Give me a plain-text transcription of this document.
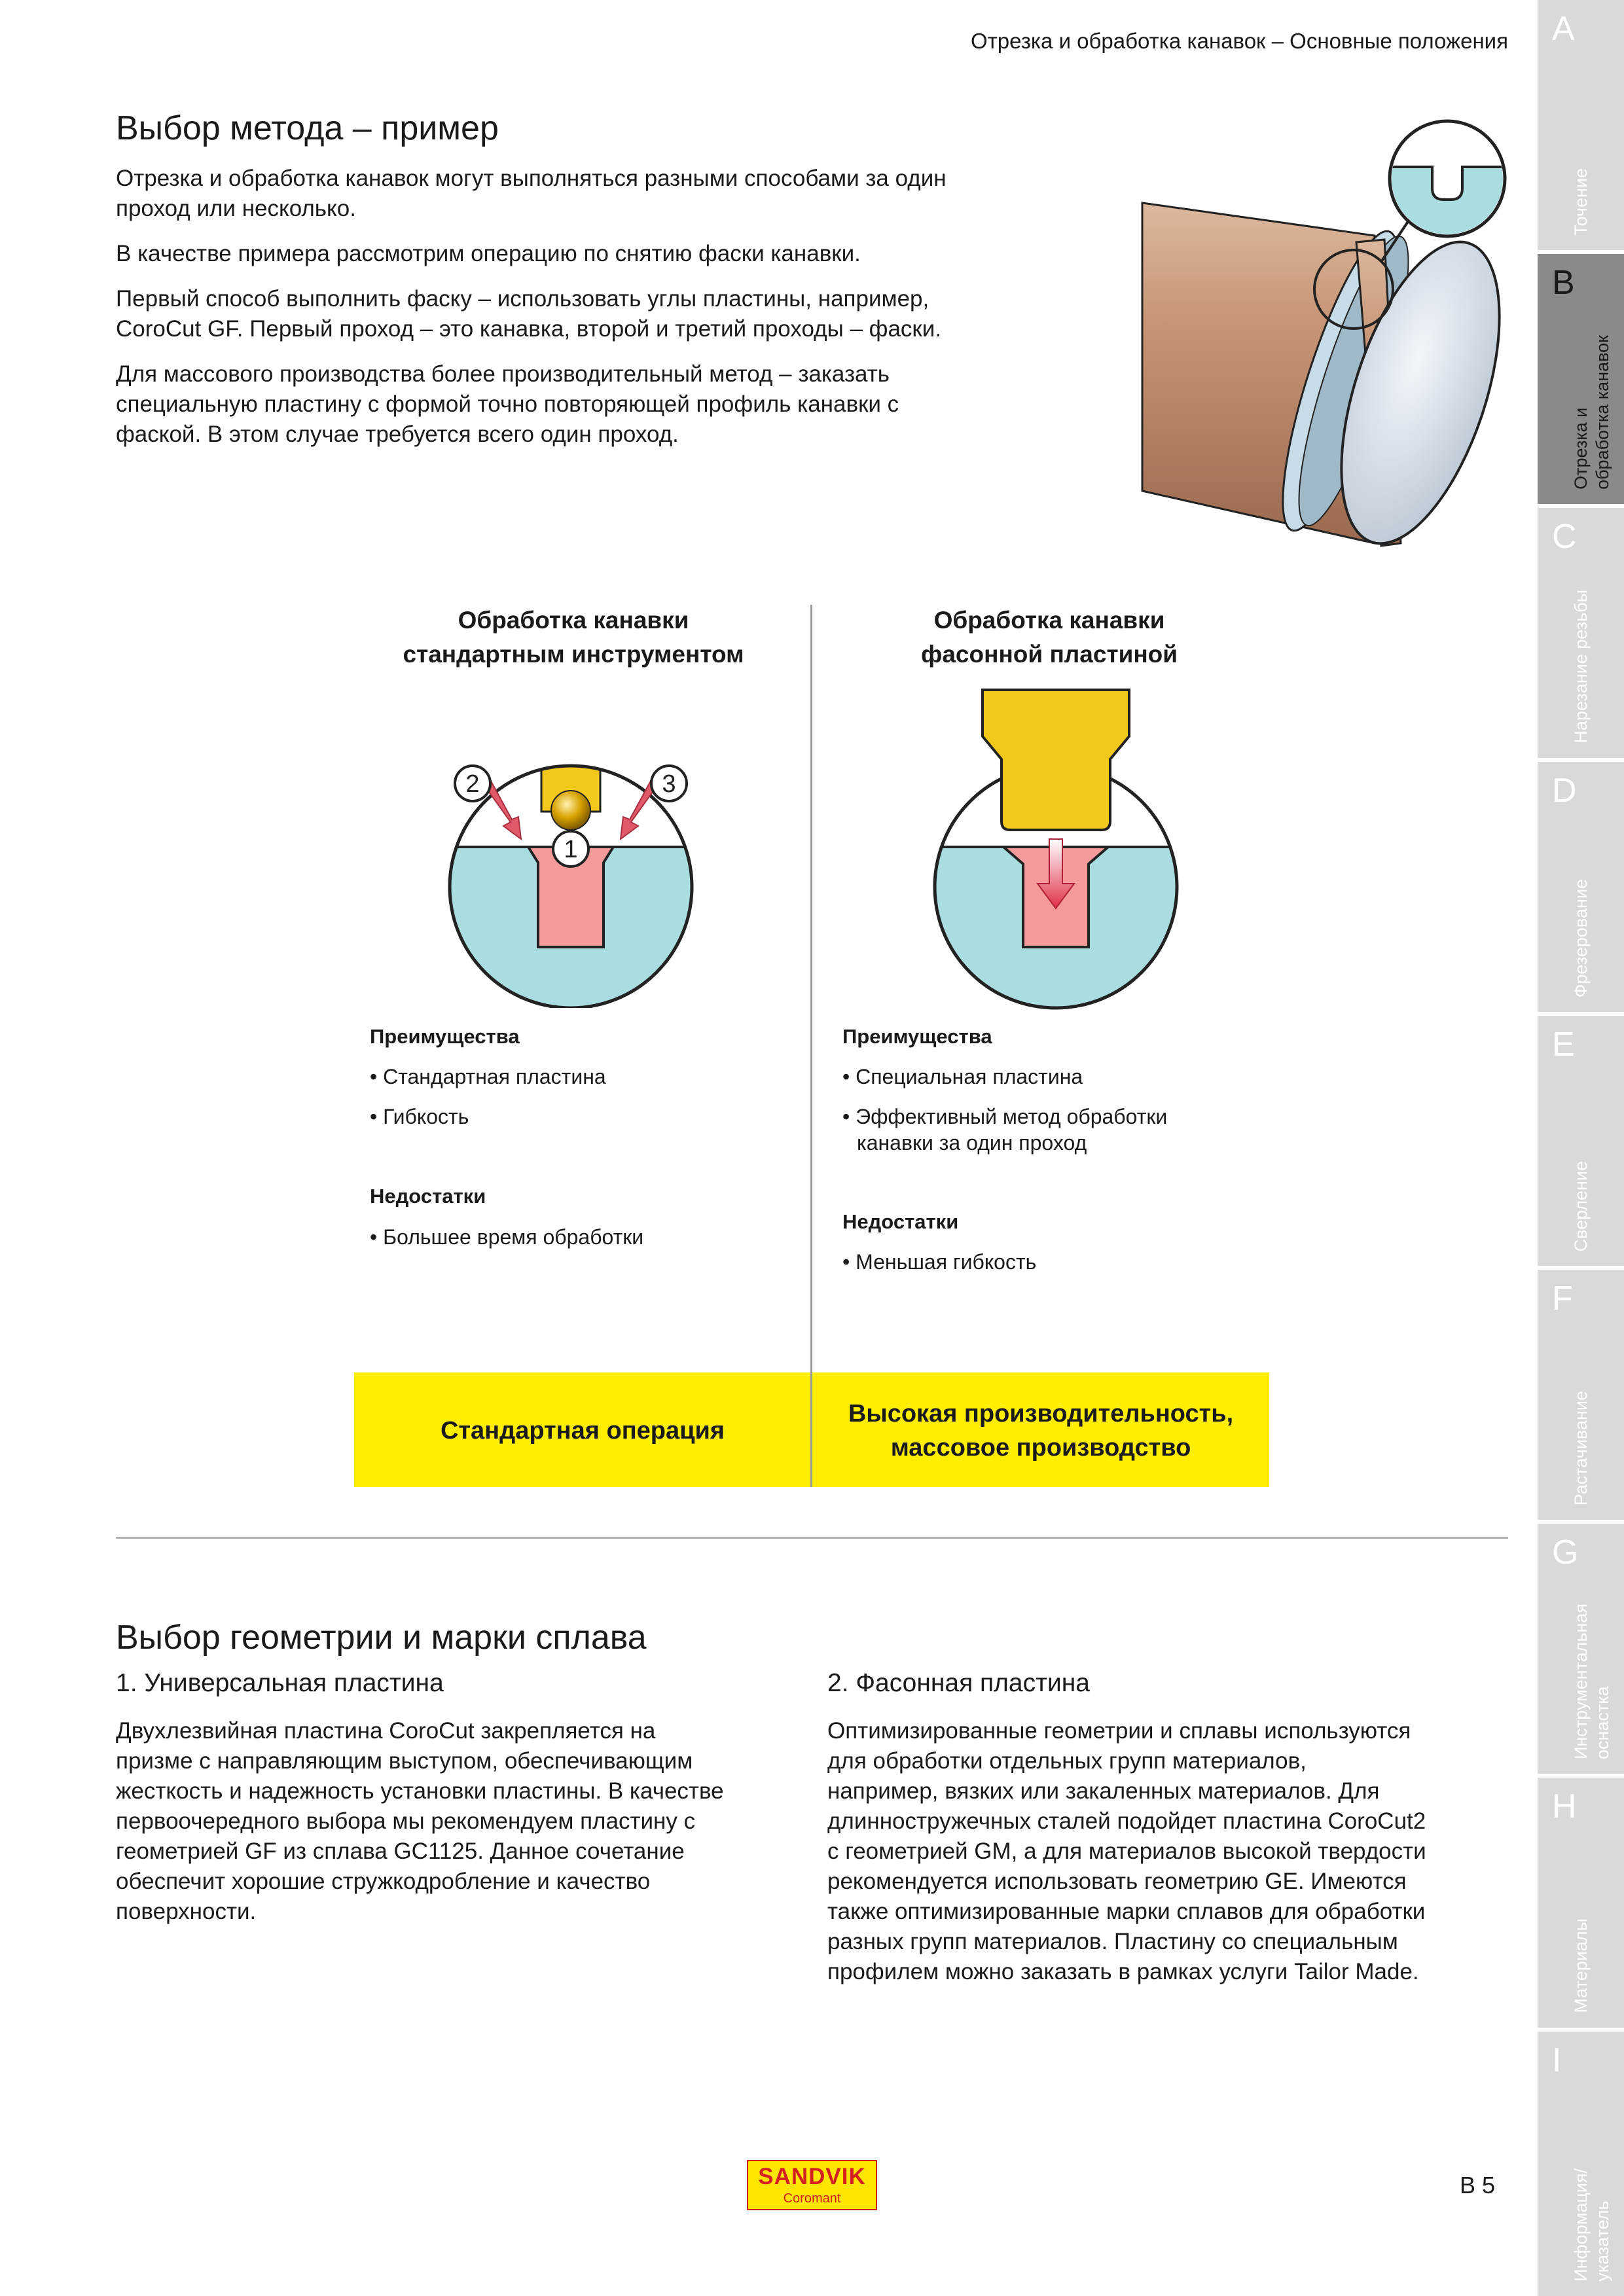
Отрезка и обработка канавок – Основные положения
Выбор метода – пример

Отрезка и обработка канавок могут выполняться разными способами за один проход или несколько.

В качестве примера рассмотрим операцию по снятию фаски канавки.

Первый способ выполнить фаску – использовать углы пластины, например, CoroCut GF. Первый проход – это канавка, второй и третий проходы – фаски.

Для массового производства более производительный метод – заказать специальную пластину с формой точно повторяющей профиль канавки с фаской. В этом случае требуется всего один проход.

Обработка канавки
стандартным инструментом
Обработка канавки
фасонной пластиной
2
1
3
Преимущества
• Стандартная пластина
• Гибкость
Недостатки
• Большее время обработки
Преимущества
• Специальная пластина
• Эффективный метод обработки
канавки за один проход
Недостатки
• Меньшая гибкость
Стандартная операция
Высокая производительность,
массовое производство
Выбор геометрии и марки сплава
1. Универсальная пластина	2. Фасонная пластина
Двухлезвийная пластина CoroCut закрепляется на
призме с направляющим выступом, обеспечивающим
жесткость и надежность установки пластины. В качестве
первоочередного выбора мы рекомендуем пластину с
геометрией GF из сплава GC1125. Данное сочетание
обеспечит хорошие стружкодробление и качество
поверхности.
Оптимизированные геометрии и сплавы используются
для обработки отдельных групп материалов,
например, вязких или закаленных материалов. Для
длинностружечных сталей подойдет пластина CoroCut2
с геометрией GM, а для материалов высокой твердости
рекомендуется использовать геометрию GE. Имеются
также оптимизированные марки сплавов для обработки
разных групп материалов. Пластину со специальным
профилем можно заказать в рамках услуги Tailor Made.
A
Точение
B
Отрезка и
обработка канавок
C
Нарезание резьбы
D
Фрезерование
E
Сверление
F
Растачивание
G
Инструментальная
оснастка
H
Материалы
I
Информация/
указатель
SANDVIK
Coromant	B 5
